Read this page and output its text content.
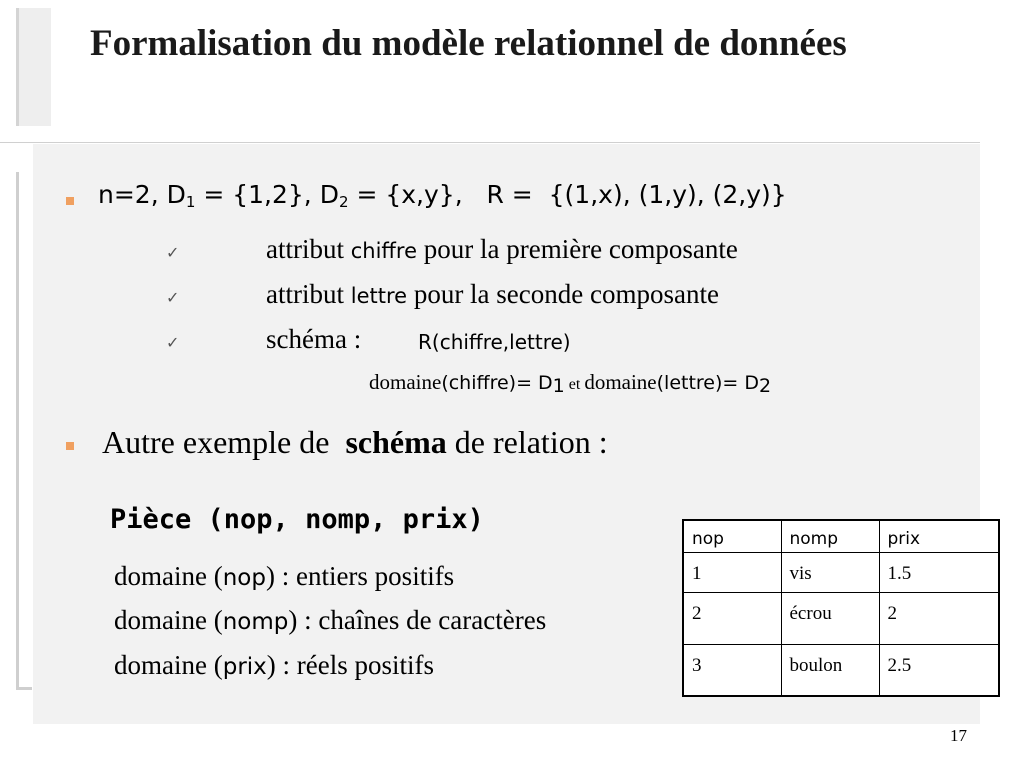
Formalisation du modèle relationnel de données
n=2, $D_1 = \{1,2\}$, $D_2 = \{x,y\}$,   R =  {(1,x), (1,y), (2,y)}
✓	attribut chiffre pour la première composante
✓	attribut lettre pour la seconde composante
✓	schéma :	R(chiffre,lettre)
domaine(chiffre)= $D_1$ et domaine(lettre)= $D_2$
Autre exemple de  schéma de relation :
Pièce (nop, nomp, prix)
domaine (nop) : entiers positifs
domaine (nomp) : chaînes de caractères
domaine (prix) : réels positifs
nop	nomp	prix
1	vis	1.5
2	écrou	2
3	boulon	2.5
17
